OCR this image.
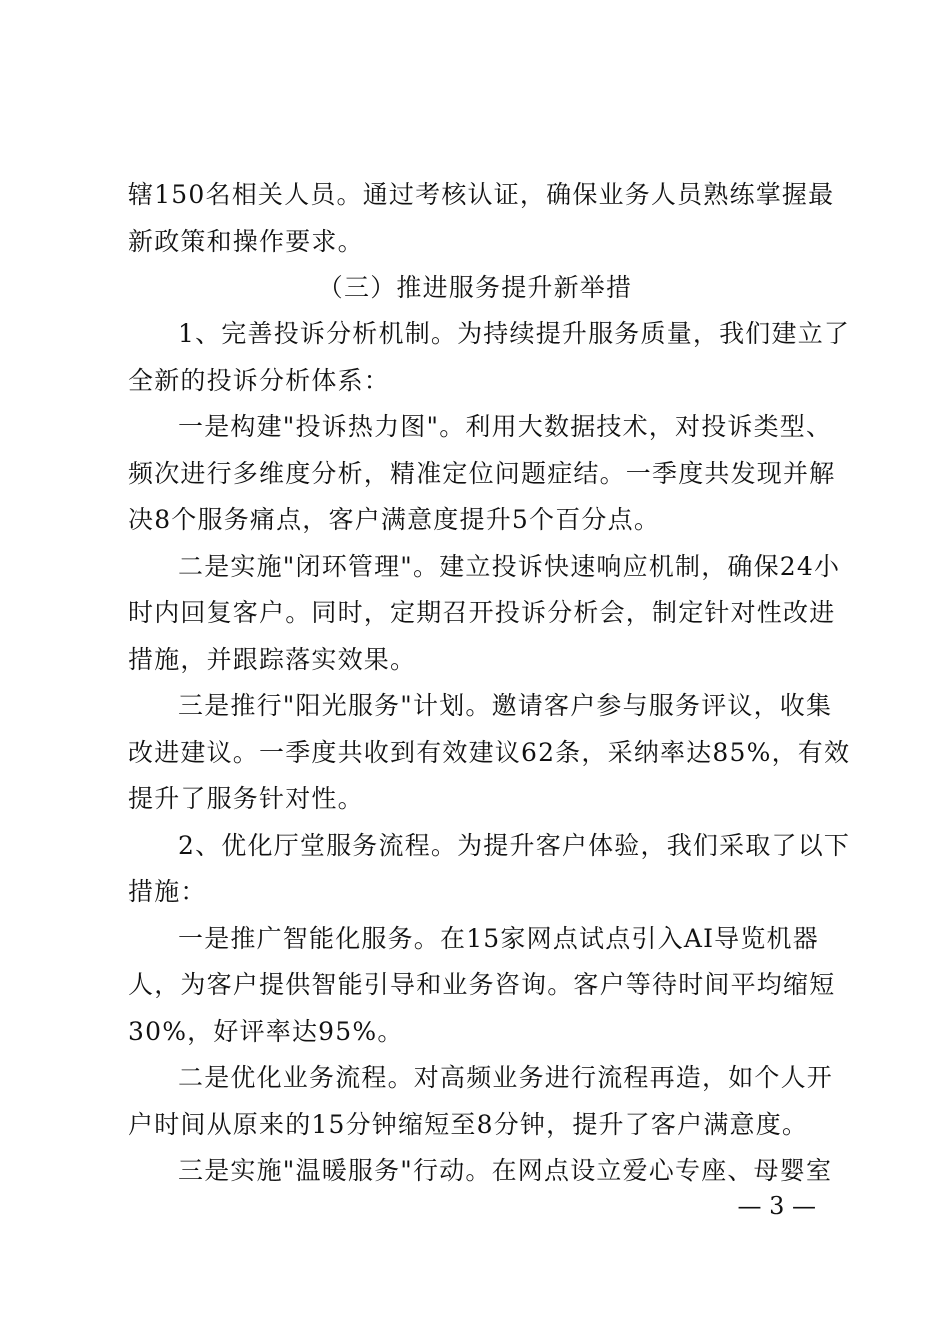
辖150名相关人员。通过考核认证，确保业务人员熟练掌握最
新政策和操作要求。
（三）推进服务提升新举措
1、完善投诉分析机制。为持续提升服务质量，我们建立了
全新的投诉分析体系：
一是构建"投诉热力图"。利用大数据技术，对投诉类型、
频次进行多维度分析，精准定位问题症结。一季度共发现并解
决8个服务痛点，客户满意度提升5个百分点。
二是实施"闭环管理"。建立投诉快速响应机制，确保24小
时内回复客户。同时，定期召开投诉分析会，制定针对性改进
措施，并跟踪落实效果。
三是推行"阳光服务"计划。邀请客户参与服务评议，收集
改进建议。一季度共收到有效建议62条，采纳率达85%，有效
提升了服务针对性。
2、优化厅堂服务流程。为提升客户体验，我们采取了以下
措施：
一是推广智能化服务。在15家网点试点引入AI导览机器
人，为客户提供智能引导和业务咨询。客户等待时间平均缩短
30%，好评率达95%。
二是优化业务流程。对高频业务进行流程再造，如个人开
户时间从原来的15分钟缩短至8分钟，提升了客户满意度。
三是实施"温暖服务"行动。在网点设立爱心专座、母婴室
— 3 —
